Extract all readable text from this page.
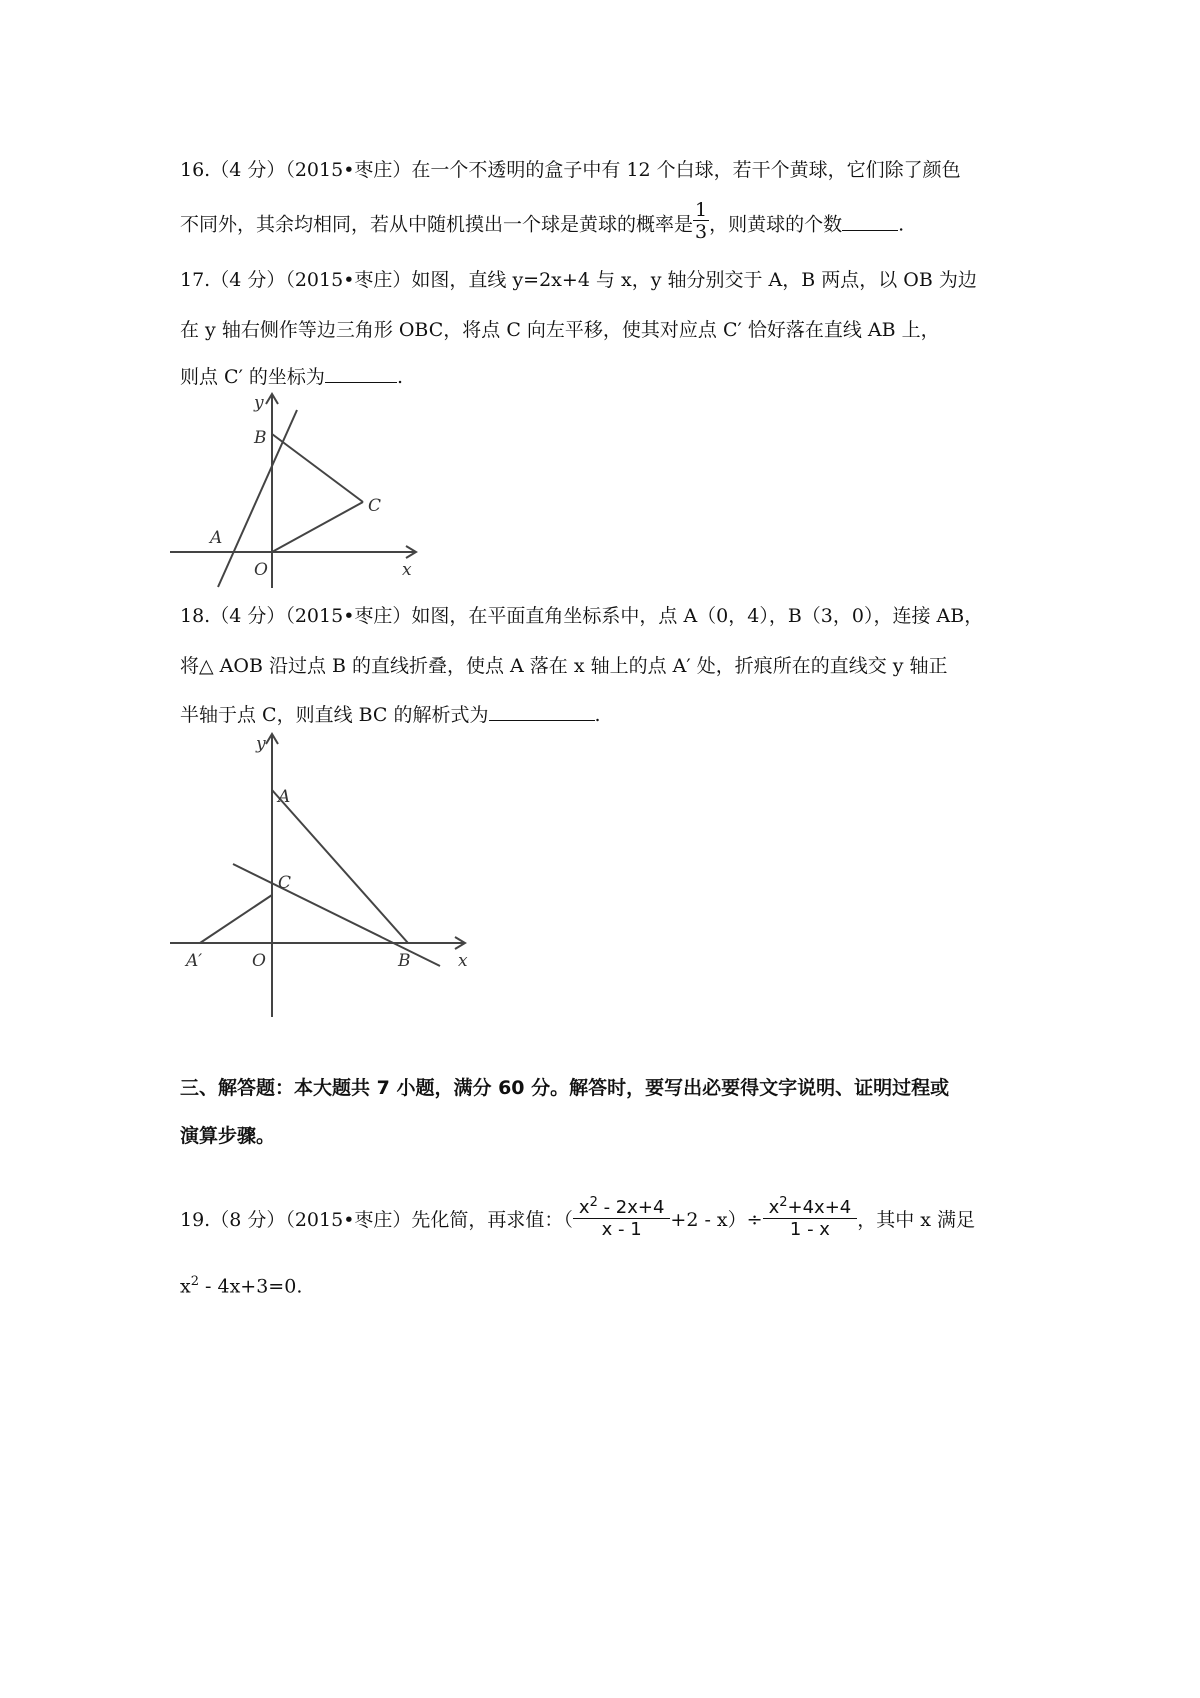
16.（4 分）（2015•枣庄）在一个不透明的盒子中有 12 个白球，若干个黄球，它们除了颜色
不同外，其余均相同，若从中随机摸出一个球是黄球的概率是 $\frac{1}{3}$ ，则黄球的个数	.
17.（4 分）（2015•枣庄）如图，直线 y=2x+4 与 x，y 轴分别交于 A，B 两点，以 OB 为边
在 y 轴右侧作等边三角形 OBC，将点 C 向左平移，使其对应点 C′ 恰好落在直线 AB 上，
则点 C′ 的坐标为	.
y
B
C
A
O	x
18.（4 分）（2015•枣庄）如图，在平面直角坐标系中，点 A（0，4），B（3，0），连接 AB，
将△ AOB 沿过点 B 的直线折叠，使点 A 落在 x 轴上的点 A′ 处，折痕所在的直线交 y 轴正
半轴于点 C，则直线 BC 的解析式为	.
y
A
C
A′	O	B	x
三、解答题：本大题共 7 小题，满分 60 分。解答时，要写出必要得文字说明、证明过程或
演算步骤。
19.（8 分）（2015•枣庄）先化简，再求值：（ $\frac{x^2 - 2x+4}{x - 1} +2 - x)\div \frac{x^2+4x+4}{1 - x}$ ，其中 x 满足
$x^2 - 4x+3=0$.
